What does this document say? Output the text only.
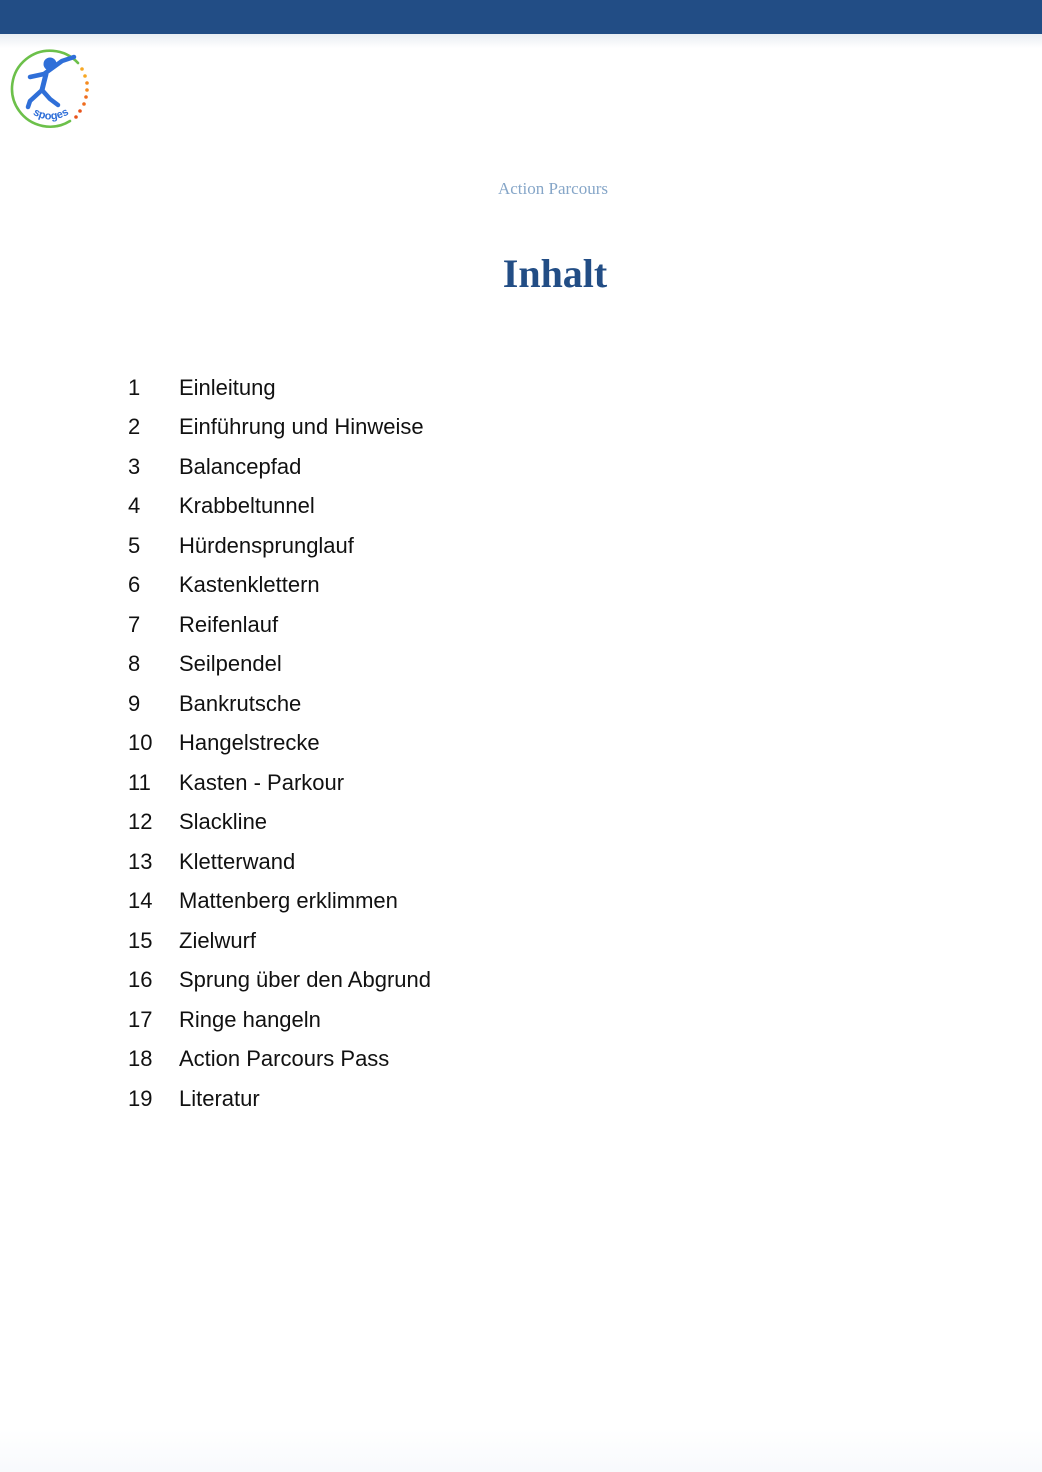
spoges
Action Parcours
Inhalt
1	Einleitung
2	Einführung und Hinweise
3	Balancepfad
4	Krabbeltunnel
5	Hürdensprunglauf
6	Kastenklettern
7	Reifenlauf
8	Seilpendel
9	Bankrutsche
10	Hangelstrecke
11	Kasten - Parkour
12	Slackline
13	Kletterwand
14	Mattenberg erklimmen
15	Zielwurf
16	Sprung über den Abgrund
17	Ringe hangeln
18	Action Parcours Pass
19	Literatur
